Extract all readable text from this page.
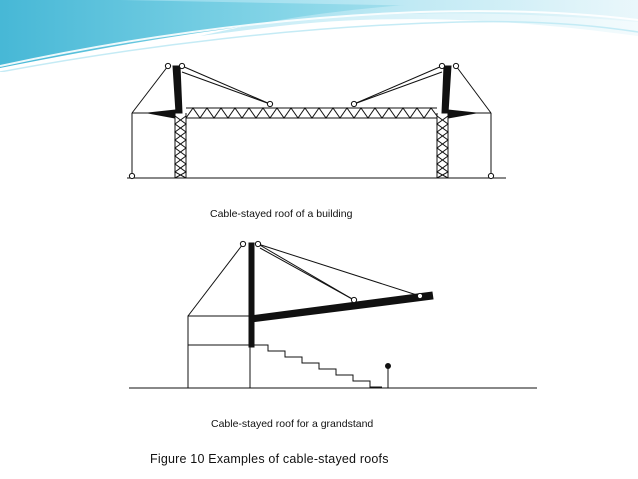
Cable-stayed roof of a building
Cable-stayed roof for a grandstand
Figure 10 Examples of cable-stayed roofs
